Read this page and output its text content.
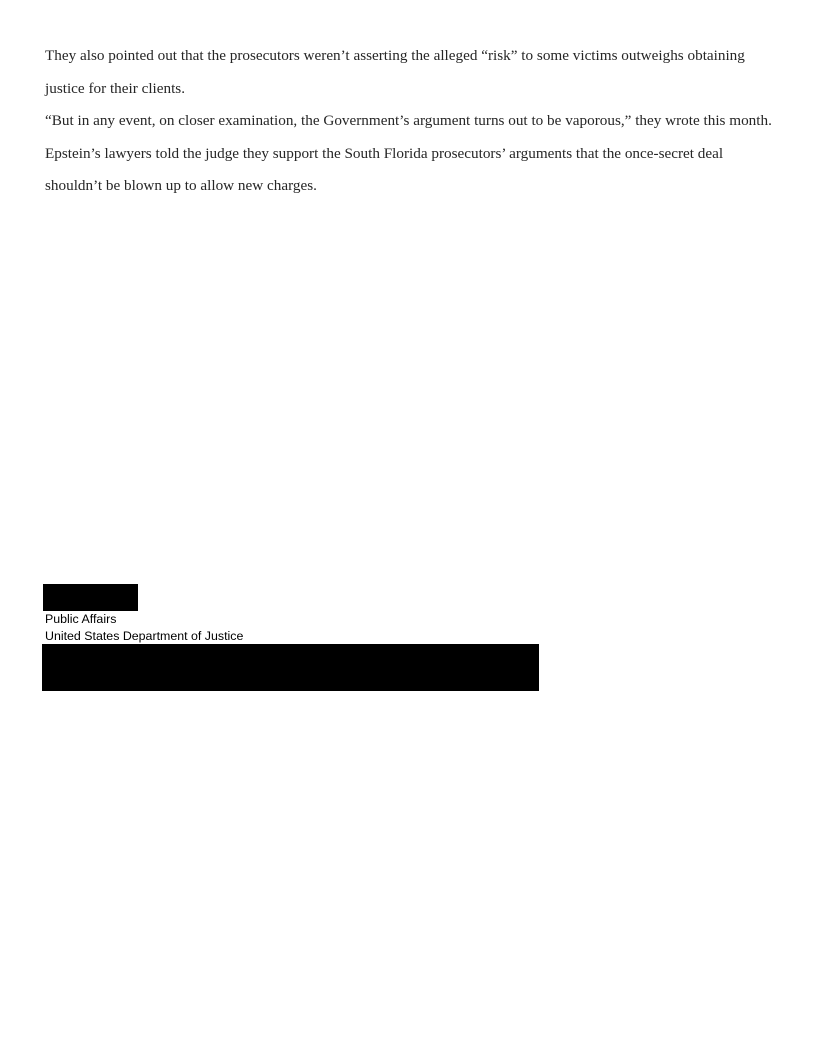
They also pointed out that the prosecutors weren’t asserting the alleged “risk” to some victims outweighs obtaining justice for their clients.

“But in any event, on closer examination, the Government’s argument turns out to be vaporous,” they wrote this month.

Epstein’s lawyers told the judge they support the South Florida prosecutors’ arguments that the once-secret deal shouldn’t be blown up to allow new charges.

Public Affairs
United States Department of Justice
